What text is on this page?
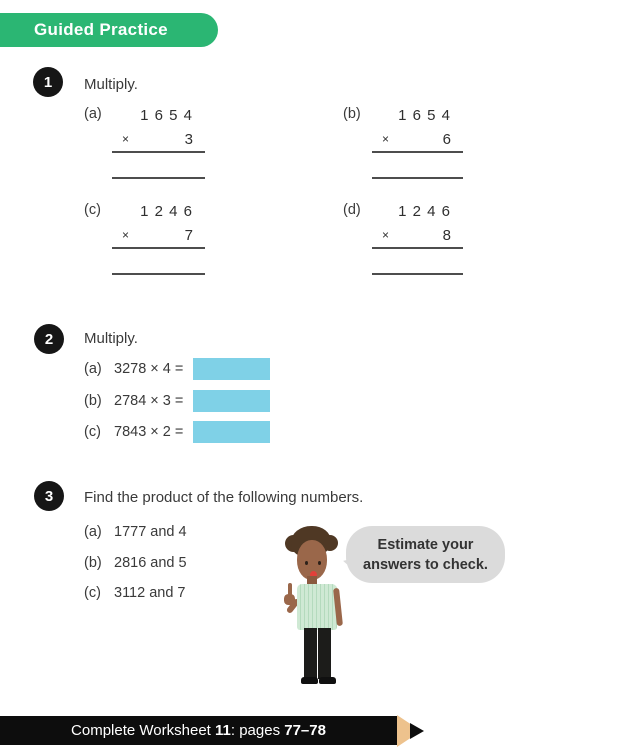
Guided Practice
1	Multiply.
(a)	1 6 5 4
×	3
(b)	1 6 5 4
×	6
(c)	1 2 4 6
×	7
(d)	1 2 4 6
×	8
2	Multiply.
(a) 3278 × 4 =
(b) 2784 × 3 =
(c) 7843 × 2 =
3	Find the product of the following numbers.
(a) 1777 and 4
(b) 2816 and 5
(c) 3112 and 7
Estimate your
answers to check.
Complete Worksheet 11 : pages 77–78
